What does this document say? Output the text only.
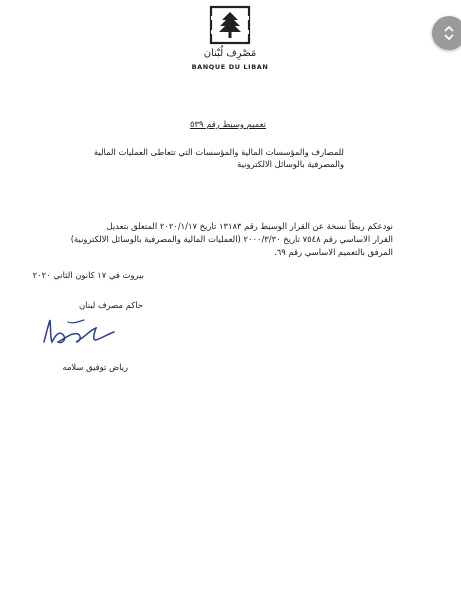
مَصْرِف لُبْنان
BANQUE DU LIBAN
تعميم وسيط رقم ٥٣٩
للمصارف والمؤسسات المالية والمؤسسات التي تتعاطى العمليات المالية
والمصرفية بالوسائل الالكترونية
نودعكم ربطاً نسخة عن القرار الوسيط رقم ١٣١٨٣ تاريخ ٢٠٢٠/١/١٧ المتعلق بتعديل
القرار الاساسي رقم ٧٥٤٨ تاريخ ٢٠٠٠/٣/٣٠ (العمليات المالية والمصرفية بالوسائل الالكترونية)
المرفق بالتعميم الاساسي رقم ٦٩.
بيروت في ١٧ كانون الثاني ٢٠٢٠
حاكم مصرف لبنان
رياض توفيق سلامه
